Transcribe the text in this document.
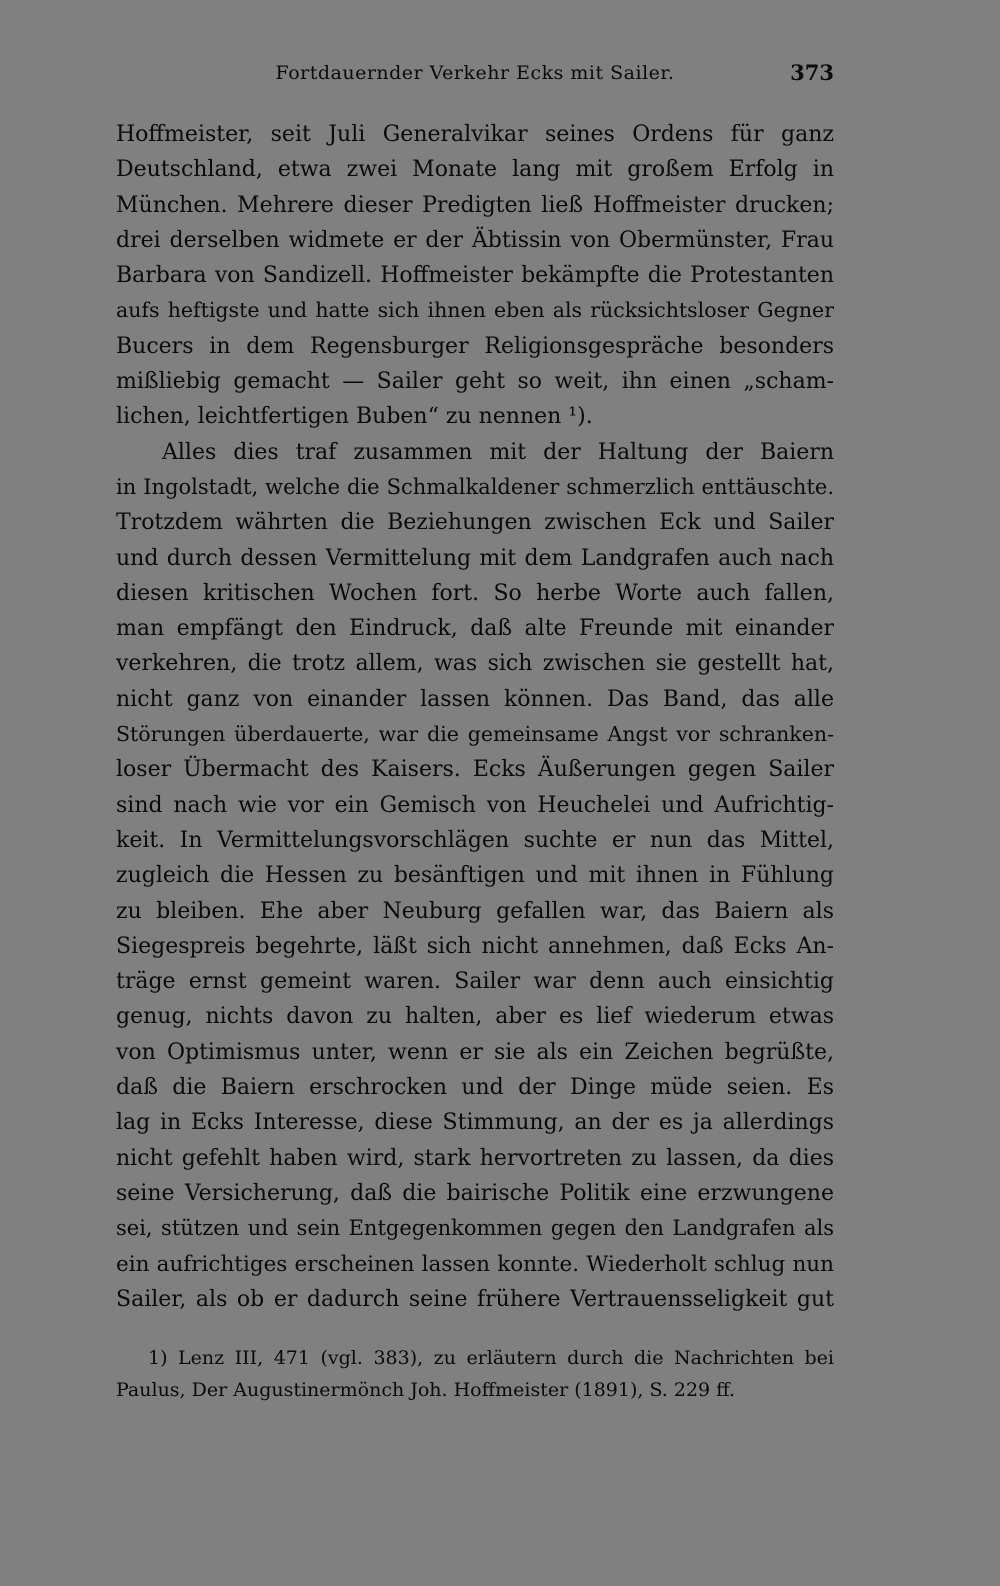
Fortdauernder Verkehr Ecks mit Sailer.	373
Hoffmeister, seit Juli Generalvikar seines Ordens für ganz
Deutschland, etwa zwei Monate lang mit großem Erfolg in
München. Mehrere dieser Predigten ließ Hoffmeister drucken;
drei derselben widmete er der Äbtissin von Obermünster, Frau
Barbara von Sandizell. Hoffmeister bekämpfte die Protestanten
aufs heftigste und hatte sich ihnen eben als rücksichtsloser Gegner
Bucers in dem Regensburger Religionsgespräche besonders
mißliebig gemacht — Sailer geht so weit, ihn einen „scham-
lichen, leichtfertigen Buben“ zu nennen ¹).
Alles dies traf zusammen mit der Haltung der Baiern
in Ingolstadt, welche die Schmalkaldener schmerzlich enttäuschte.
Trotzdem währten die Beziehungen zwischen Eck und Sailer
und durch dessen Vermittelung mit dem Landgrafen auch nach
diesen kritischen Wochen fort. So herbe Worte auch fallen,
man empfängt den Eindruck, daß alte Freunde mit einander
verkehren, die trotz allem, was sich zwischen sie gestellt hat,
nicht ganz von einander lassen können. Das Band, das alle
Störungen überdauerte, war die gemeinsame Angst vor schranken-
loser Übermacht des Kaisers. Ecks Äußerungen gegen Sailer
sind nach wie vor ein Gemisch von Heuchelei und Aufrichtig-
keit. In Vermittelungsvorschlägen suchte er nun das Mittel,
zugleich die Hessen zu besänftigen und mit ihnen in Fühlung
zu bleiben. Ehe aber Neuburg gefallen war, das Baiern als
Siegespreis begehrte, läßt sich nicht annehmen, daß Ecks An-
träge ernst gemeint waren. Sailer war denn auch einsichtig
genug, nichts davon zu halten, aber es lief wiederum etwas
von Optimismus unter, wenn er sie als ein Zeichen begrüßte,
daß die Baiern erschrocken und der Dinge müde seien. Es
lag in Ecks Interesse, diese Stimmung, an der es ja allerdings
nicht gefehlt haben wird, stark hervortreten zu lassen, da dies
seine Versicherung, daß die bairische Politik eine erzwungene
sei, stützen und sein Entgegenkommen gegen den Landgrafen als
ein aufrichtiges erscheinen lassen konnte. Wiederholt schlug nun
Sailer, als ob er dadurch seine frühere Vertrauensseligkeit gut
1) Lenz III, 471 (vgl. 383), zu erläutern durch die Nachrichten bei
Paulus, Der Augustinermönch Joh. Hoffmeister (1891), S. 229 ff.
